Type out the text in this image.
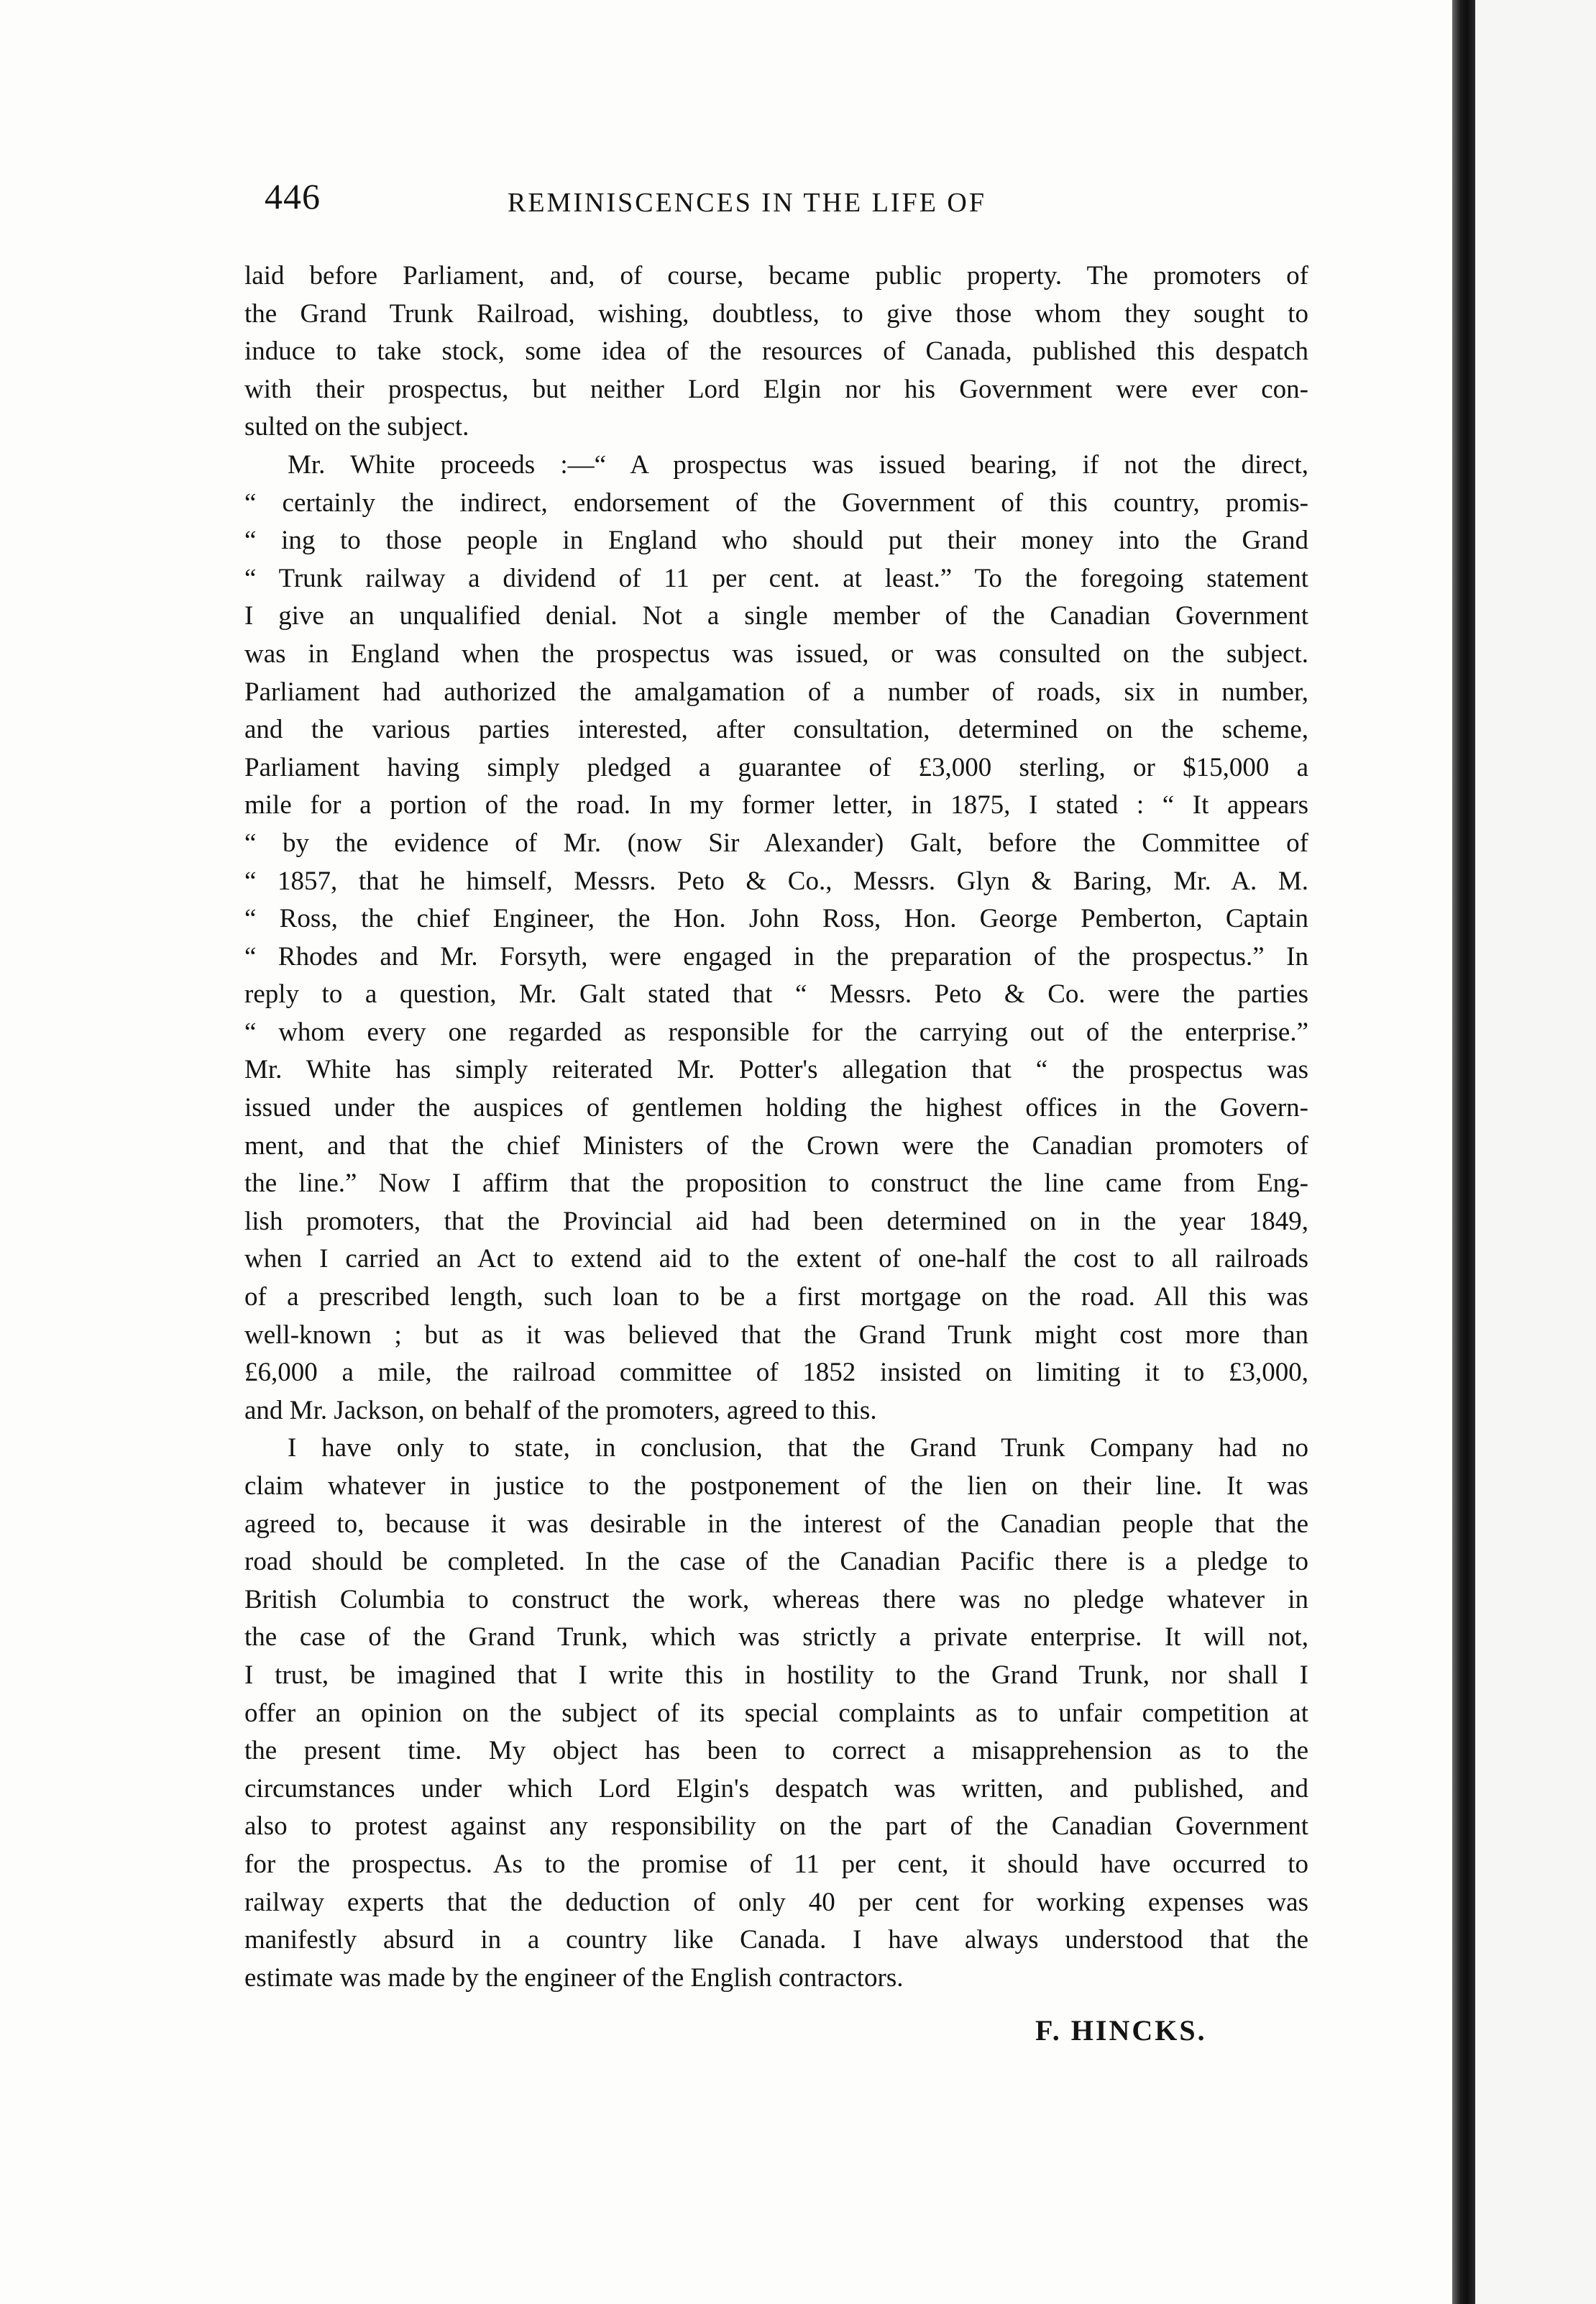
446	REMINISCENCES IN THE LIFE OF
laid before Parliament, and, of course, became public property. The promoters of
the Grand Trunk Railroad, wishing, doubtless, to give those whom they sought to
induce to take stock, some idea of the resources of Canada, published this despatch
with their prospectus, but neither Lord Elgin nor his Government were ever con-
sulted on the subject.
Mr. White proceeds :—“ A prospectus was issued bearing, if not the direct,
“ certainly the indirect, endorsement of the Government of this country, promis-
“ ing to those people in England who should put their money into the Grand
“ Trunk railway a dividend of 11 per cent. at least.” To the foregoing statement
I give an unqualified denial. Not a single member of the Canadian Government
was in England when the prospectus was issued, or was consulted on the subject.
Parliament had authorized the amalgamation of a number of roads, six in number,
and the various parties interested, after consultation, determined on the scheme,
Parliament having simply pledged a guarantee of £3,000 sterling, or $15,000 a
mile for a portion of the road. In my former letter, in 1875, I stated : “ It appears
“ by the evidence of Mr. (now Sir Alexander) Galt, before the Committee of
“ 1857, that he himself, Messrs. Peto & Co., Messrs. Glyn & Baring, Mr. A. M.
“ Ross, the chief Engineer, the Hon. John Ross, Hon. George Pemberton, Captain
“ Rhodes and Mr. Forsyth, were engaged in the preparation of the prospectus.” In
reply to a question, Mr. Galt stated that “ Messrs. Peto & Co. were the parties
“ whom every one regarded as responsible for the carrying out of the enterprise.”
Mr. White has simply reiterated Mr. Potter's allegation that “ the prospectus was
issued under the auspices of gentlemen holding the highest offices in the Govern-
ment, and that the chief Ministers of the Crown were the Canadian promoters of
the line.” Now I affirm that the proposition to construct the line came from Eng-
lish promoters, that the Provincial aid had been determined on in the year 1849,
when I carried an Act to extend aid to the extent of one-half the cost to all railroads
of a prescribed length, such loan to be a first mortgage on the road. All this was
well-known ; but as it was believed that the Grand Trunk might cost more than
£6,000 a mile, the railroad committee of 1852 insisted on limiting it to £3,000,
and Mr. Jackson, on behalf of the promoters, agreed to this.
I have only to state, in conclusion, that the Grand Trunk Company had no
claim whatever in justice to the postponement of the lien on their line. It was
agreed to, because it was desirable in the interest of the Canadian people that the
road should be completed. In the case of the Canadian Pacific there is a pledge to
British Columbia to construct the work, whereas there was no pledge whatever in
the case of the Grand Trunk, which was strictly a private enterprise. It will not,
I trust, be imagined that I write this in hostility to the Grand Trunk, nor shall I
offer an opinion on the subject of its special complaints as to unfair competition at
the present time. My object has been to correct a misapprehension as to the
circumstances under which Lord Elgin's despatch was written, and published, and
also to protest against any responsibility on the part of the Canadian Government
for the prospectus. As to the promise of 11 per cent, it should have occurred to
railway experts that the deduction of only 40 per cent for working expenses was
manifestly absurd in a country like Canada. I have always understood that the
estimate was made by the engineer of the English contractors.
F. HINCKS.
